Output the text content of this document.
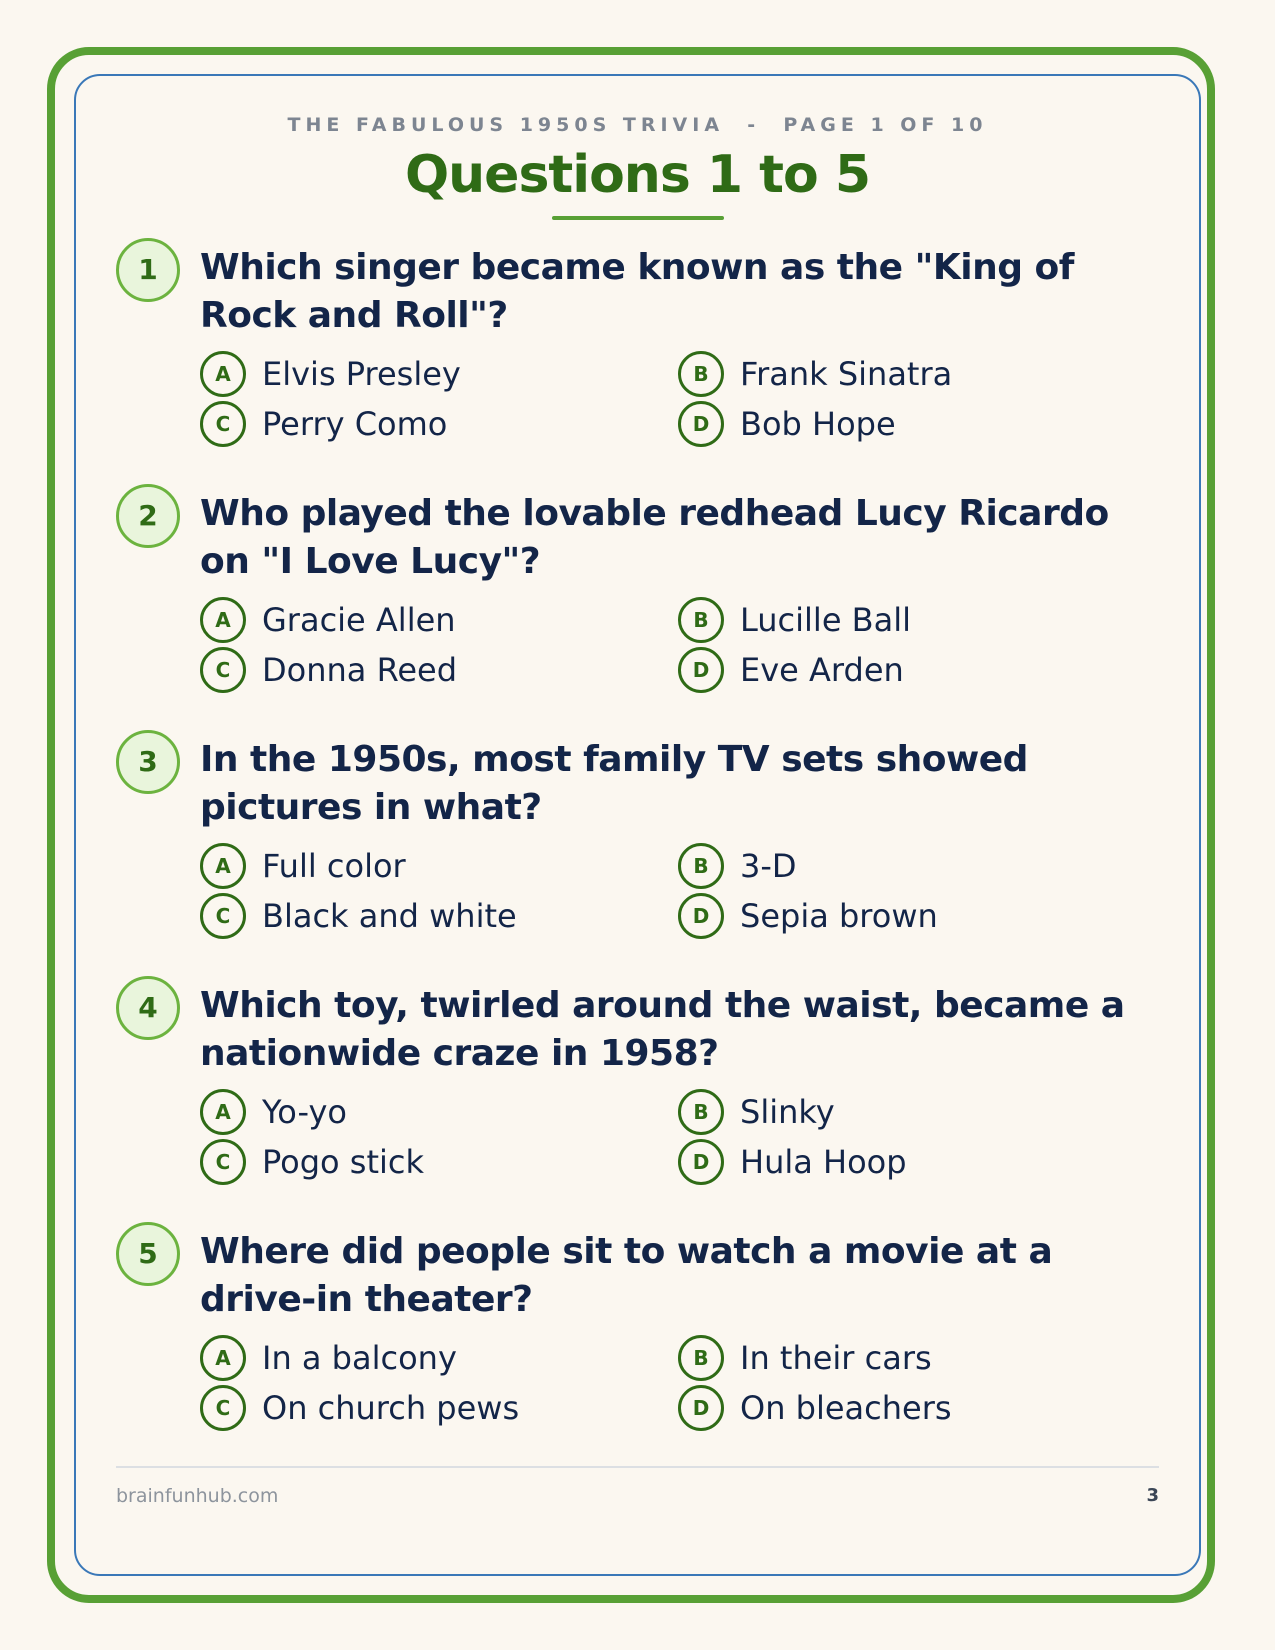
THE FABULOUS 1950S TRIVIA  -  PAGE 1 OF 10
Questions 1 to 5
1	Which singer became known as the "King of Rock and Roll"?
A Elvis Presley	B Frank Sinatra
C Perry Como	D Bob Hope
2	Who played the lovable redhead Lucy Ricardo on "I Love Lucy"?
A Gracie Allen	B Lucille Ball
C Donna Reed	D Eve Arden
3	In the 1950s, most family TV sets showed pictures in what?
A Full color	B 3-D
C Black and white	D Sepia brown
4	Which toy, twirled around the waist, became a nationwide craze in 1958?
A Yo-yo	B Slinky
C Pogo stick	D Hula Hoop
5	Where did people sit to watch a movie at a drive-in theater?
A In a balcony	B In their cars
C On church pews	D On bleachers
brainfunhub.com	3
